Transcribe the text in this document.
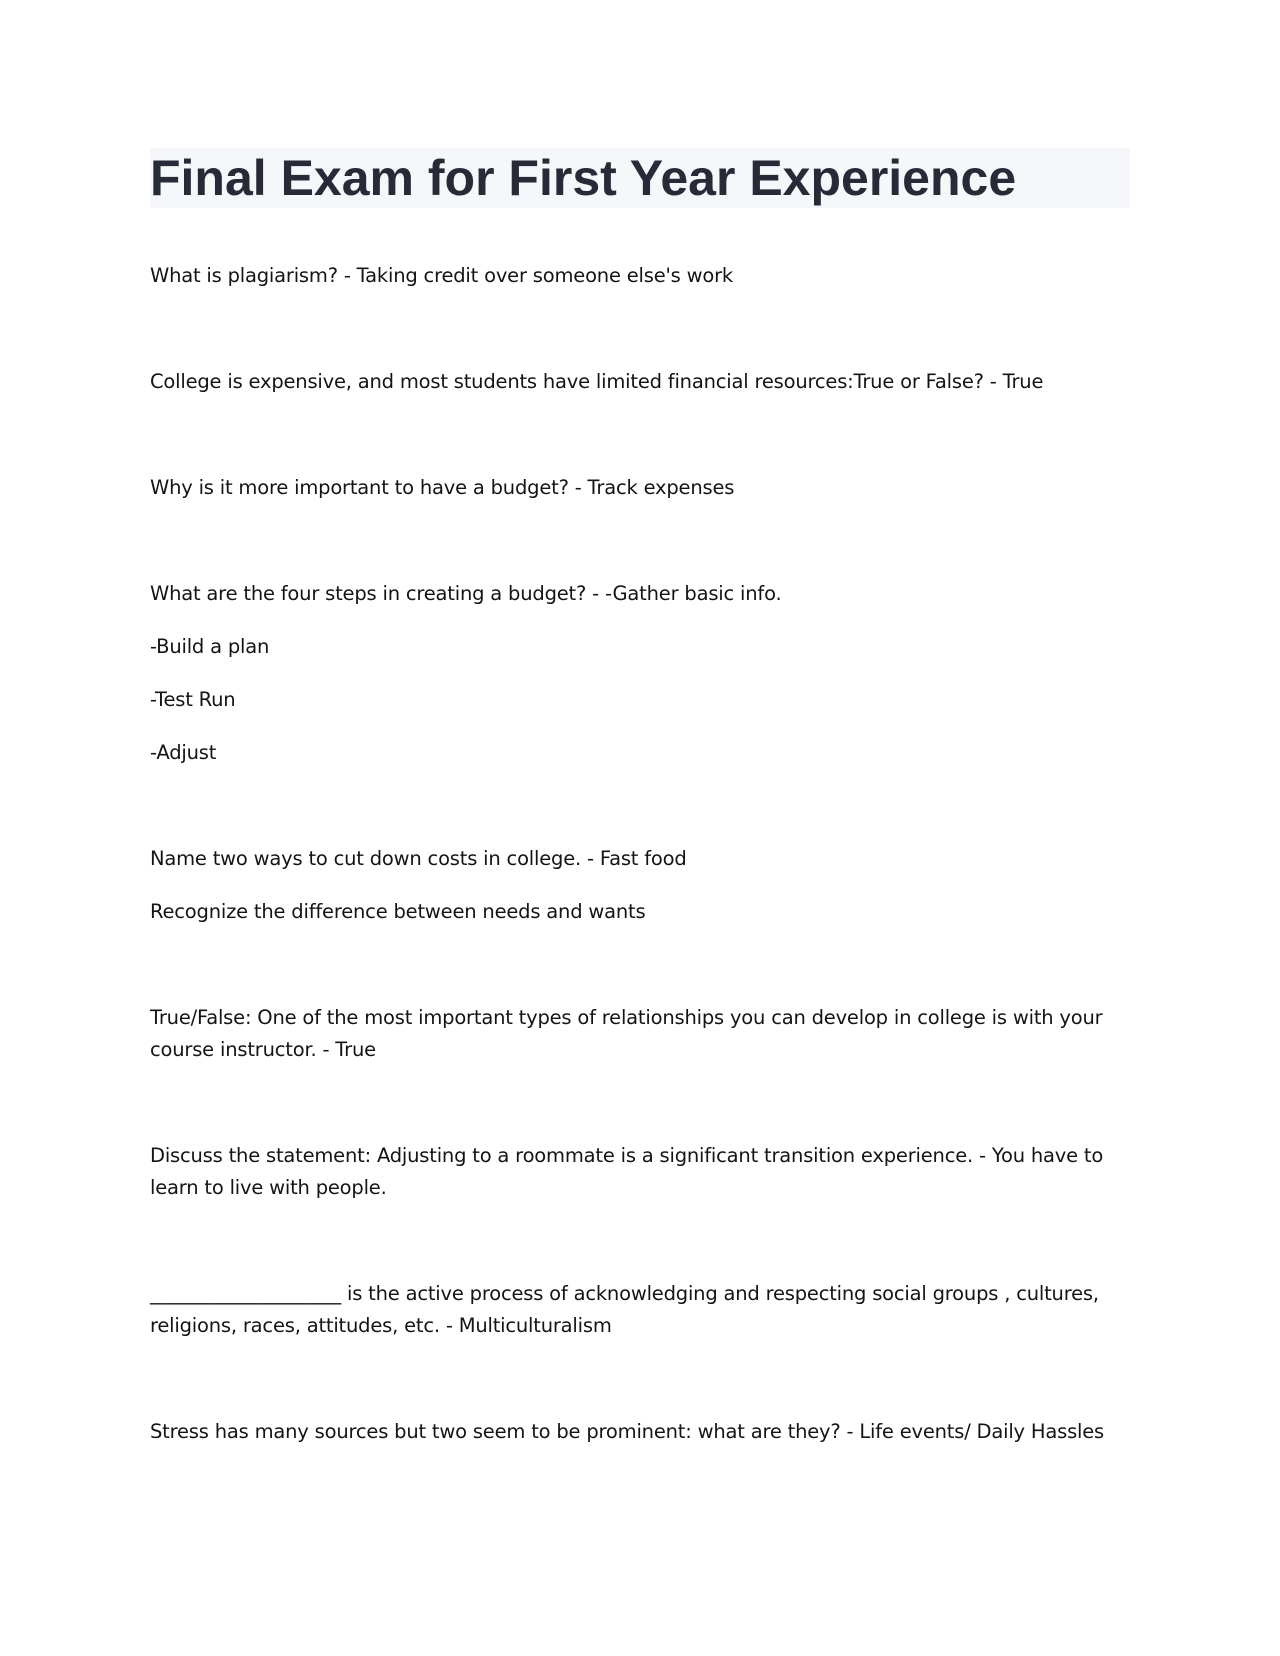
Final Exam for First Year Experience

What is plagiarism? - Taking credit over someone else's work

College is expensive, and most students have limited financial resources:True or False? - True

Why is it more important to have a budget? - Track expenses

What are the four steps in creating a budget? - -Gather basic info.

-Build a plan

-Test Run

-Adjust

Name two ways to cut down costs in college. - Fast food

Recognize the difference between needs and wants

True/False: One of the most important types of relationships you can develop in college is with your course instructor. - True

Discuss the statement: Adjusting to a roommate is a significant transition experience. - You have to learn to live with people.

____________________ is the active process of acknowledging and respecting social groups , cultures, religions, races, attitudes, etc. - Multiculturalism

Stress has many sources but two seem to be prominent: what are they? - Life events/ Daily Hassles
